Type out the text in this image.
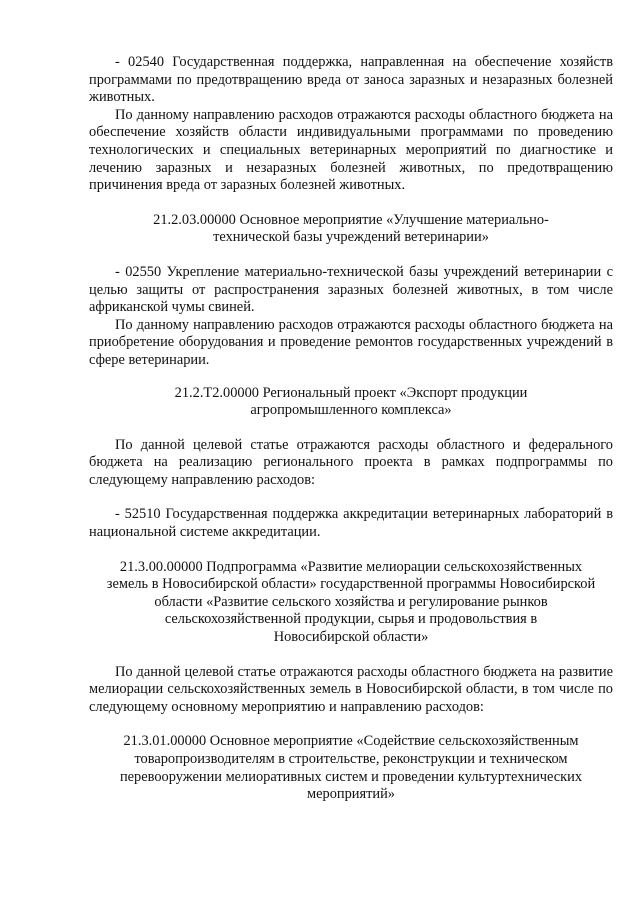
- 02540 Государственная поддержка, направленная на обеспечение хозяйств программами по предотвращению вреда от заноса заразных и незаразных болезней животных.

По данному направлению расходов отражаются расходы областного бюджета на обеспечение хозяйств области индивидуальными программами по проведению технологических и специальных ветеринарных мероприятий по диагностике и лечению заразных и незаразных болезней животных, по предотвращению причинения вреда от заразных болезней животных.

21.2.03.00000 Основное мероприятие «Улучшение материально-
технической базы учреждений ветеринарии»

- 02550 Укрепление материально-технической базы учреждений ветеринарии с целью защиты от распространения заразных болезней животных, в том числе африканской чумы свиней.

По данному направлению расходов отражаются расходы областного бюджета на приобретение оборудования и проведение ремонтов государственных учреждений в сфере ветеринарии.

21.2.Т2.00000 Региональный проект «Экспорт продукции
агропромышленного комплекса»

По данной целевой статье отражаются расходы областного и федерального бюджета на реализацию регионального проекта в рамках подпрограммы по следующему направлению расходов:

- 52510 Государственная поддержка аккредитации ветеринарных лабораторий в национальной системе аккредитации.

21.3.00.00000 Подпрограмма «Развитие мелиорации сельскохозяйственных
земель в Новосибирской области» государственной программы Новосибирской
области «Развитие сельского хозяйства и регулирование рынков
сельскохозяйственной продукции, сырья и продовольствия в
Новосибирской области»

По данной целевой статье отражаются расходы областного бюджета на развитие мелиорации сельскохозяйственных земель в Новосибирской области, в том числе по следующему основному мероприятию и направлению расходов:

21.3.01.00000 Основное мероприятие «Содействие сельскохозяйственным
товаропроизводителям в строительстве, реконструкции и техническом
перевооружении мелиоративных систем и проведении культуртехнических
мероприятий»
